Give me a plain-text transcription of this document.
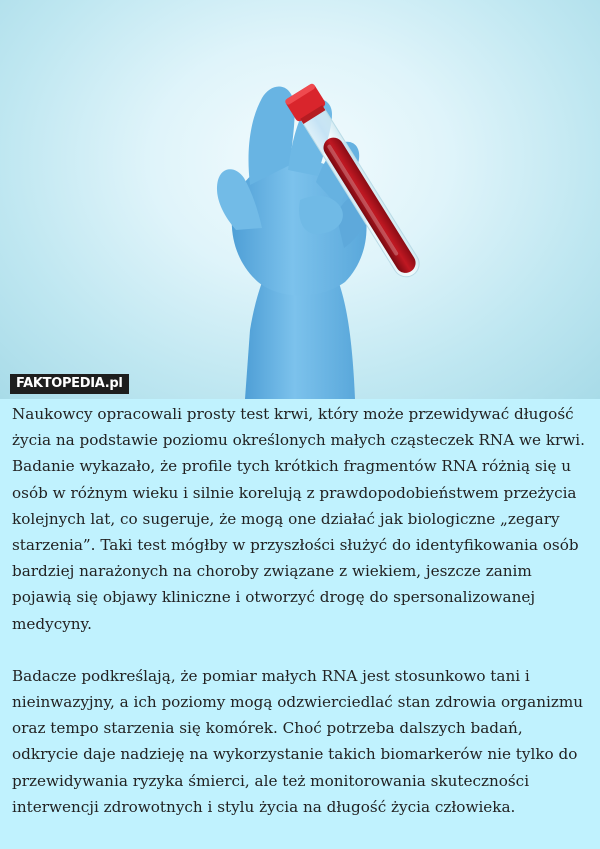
FAKTOPEDIA.pl

Naukowcy opracowali prosty test krwi, który może przewidywać długość życia na podstawie poziomu określonych małych cząsteczek RNA we krwi. Badanie wykazało, że profile tych krótkich fragmentów RNA różnią się u osób w różnym wieku i silnie korelują z prawdopodobieństwem przeżycia kolejnych lat, co sugeruje, że mogą one działać jak biologiczne „zegary starzenia”. Taki test mógłby w przyszłości służyć do identyfikowania osób bardziej narażonych na choroby związane z wiekiem, jeszcze zanim pojawią się objawy kliniczne i otworzyć drogę do spersonalizowanej medycyny.

Badacze podkreślają, że pomiar małych RNA jest stosunkowo tani i nieinwazyjny, a ich poziomy mogą odzwierciedlać stan zdrowia organizmu oraz tempo starzenia się komórek. Choć potrzeba dalszych badań, odkrycie daje nadzieję na wykorzystanie takich biomarkerów nie tylko do przewidywania ryzyka śmierci, ale też monitorowania skuteczności interwencji zdrowotnych i stylu życia na długość życia człowieka.
